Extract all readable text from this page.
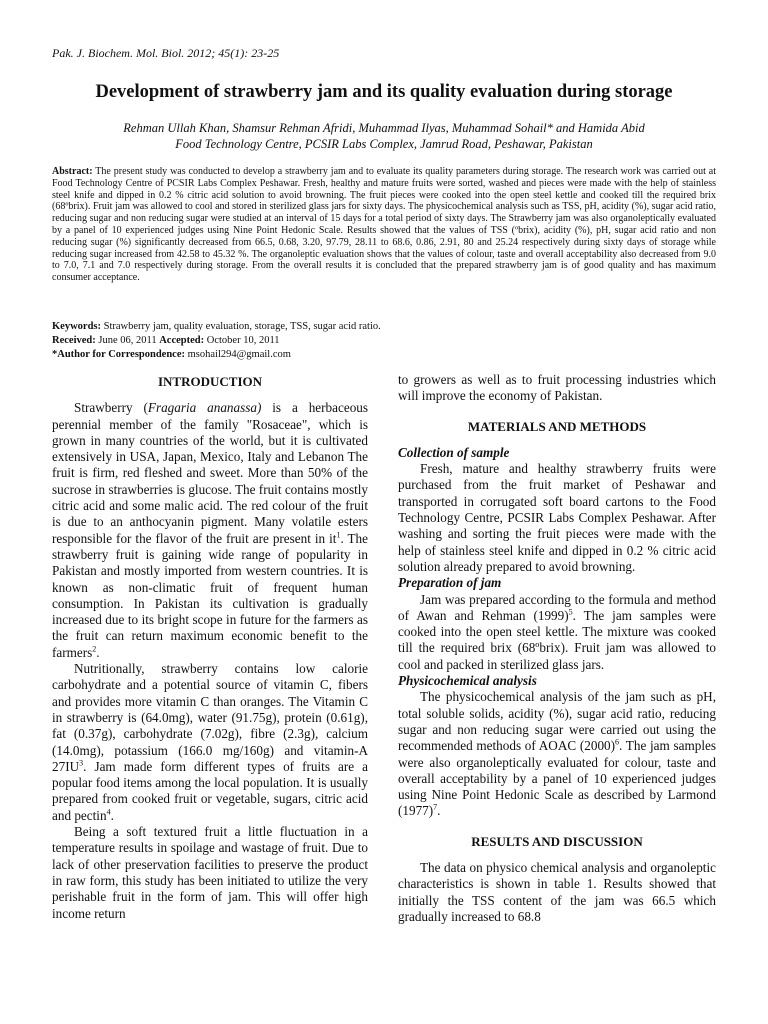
Pak. J. Biochem. Mol. Biol. 2012; 45(1): 23-25
Development of strawberry jam and its quality evaluation during storage
Rehman Ullah Khan, Shamsur Rehman Afridi, Muhammad Ilyas, Muhammad Sohail* and Hamida Abid
Food Technology Centre, PCSIR Labs Complex, Jamrud Road, Peshawar, Pakistan
Abstract: The present study was conducted to develop a strawberry jam and to evaluate its quality parameters during storage. The research work was carried out at Food Technology Centre of PCSIR Labs Complex Peshawar. Fresh, healthy and mature fruits were sorted, washed and pieces were made with the help of stainless steel knife and dipped in 0.2 % citric acid solution to avoid browning. The fruit pieces were cooked into the open steel kettle and cooked till the required brix (68ºbrix). Fruit jam was allowed to cool and stored in sterilized glass jars for sixty days. The physicochemical analysis such as TSS, pH, acidity (%), sugar acid ratio, reducing sugar and non reducing sugar were studied at an interval of 15 days for a total period of sixty days. The Strawberry jam was also organoleptically evaluated by a panel of 10 experienced judges using Nine Point Hedonic Scale. Results showed that the values of TSS (ºbrix), acidity (%), pH, sugar acid ratio and non reducing sugar (%) significantly decreased from 66.5, 0.68, 3.20, 97.79, 28.11 to 68.6, 0.86, 2.91, 80 and 25.24 respectively during sixty days of storage while reducing sugar increased from 42.58 to 45.32 %. The organoleptic evaluation shows that the values of colour, taste and overall acceptability also decreased from 9.0 to 7.0, 7.1 and 7.0 respectively during storage. From the overall results it is concluded that the prepared strawberry jam is of good quality and has maximum consumer acceptance.
Keywords: Strawberry jam, quality evaluation, storage, TSS, sugar acid ratio.
Received: June 06, 2011 Accepted: October 10, 2011
*Author for Correspondence: msohail294@gmail.com
INTRODUCTION

Strawberry (Fragaria ananassa) is a herbaceous perennial member of the family "Rosaceae", which is grown in many countries of the world, but it is cultivated extensively in USA, Japan, Mexico, Italy and Lebanon The fruit is firm, red fleshed and sweet. More than 50% of the sucrose in strawberries is glucose. The fruit contains mostly citric acid and some malic acid. The red colour of the fruit is due to an anthocyanin pigment. Many volatile esters responsible for the flavor of the fruit are present in $it^1$. The strawberry fruit is gaining wide range of popularity in Pakistan and mostly imported from western countries. It is known as non-climatic fruit of frequent human consumption. In Pakistan its cultivation is gradually increased due to its bright scope in future for the farmers as the fruit can return maximum economic benefit to the farmers$^2$.

Nutritionally, strawberry contains low calorie carbohydrate and a potential source of vitamin C, fibers and provides more vitamin C than oranges. The Vitamin C in strawberry is (64.0mg), water (91.75g), protein (0.61g), fat (0.37g), carbohydrate (7.02g), fibre (2.3g), calcium (14.0mg), potassium (166.0 mg/160g) and vitamin-A $27IU^3$. Jam made form different types of fruits are a popular food items among the local population. It is usually prepared from cooked fruit or vegetable, sugars, citric acid and pectin$^4$.

Being a soft textured fruit a little fluctuation in a temperature results in spoilage and wastage of fruit. Due to lack of other preservation facilities to preserve the product in raw form, this study has been initiated to utilize the very perishable fruit in the form of jam. This will offer high income return

to growers as well as to fruit processing industries which will improve the economy of Pakistan.

MATERIALS AND METHODS

Collection of sample

Fresh, mature and healthy strawberry fruits were purchased from the fruit market of Peshawar and transported in corrugated soft board cartons to the Food Technology Centre, PCSIR Labs Complex Peshawar. After washing and sorting the fruit pieces were made with the help of stainless steel knife and dipped in 0.2 % citric acid solution already prepared to avoid browning.

Preparation of jam

Jam was prepared according to the formula and method of Awan and Rehman $(1999)^5$. The jam samples were cooked into the open steel kettle. The mixture was cooked till the required brix (68ºbrix). Fruit jam was allowed to cool and packed in sterilized glass jars.

Physicochemical analysis

The physicochemical analysis of the jam such as pH, total soluble solids, acidity (%), sugar acid ratio, reducing sugar and non reducing sugar were carried out using the recommended methods of AOAC $(2000)^6$. The jam samples were also organoleptically evaluated for colour, taste and overall acceptability by a panel of 10 experienced judges using Nine Point Hedonic Scale as described by Larmond $(1977)^7$.

RESULTS AND DISCUSSION

The data on physico chemical analysis and organoleptic characteristics is shown in table 1. Results showed that initially the TSS content of the jam was 66.5 which gradually increased to 68.8
